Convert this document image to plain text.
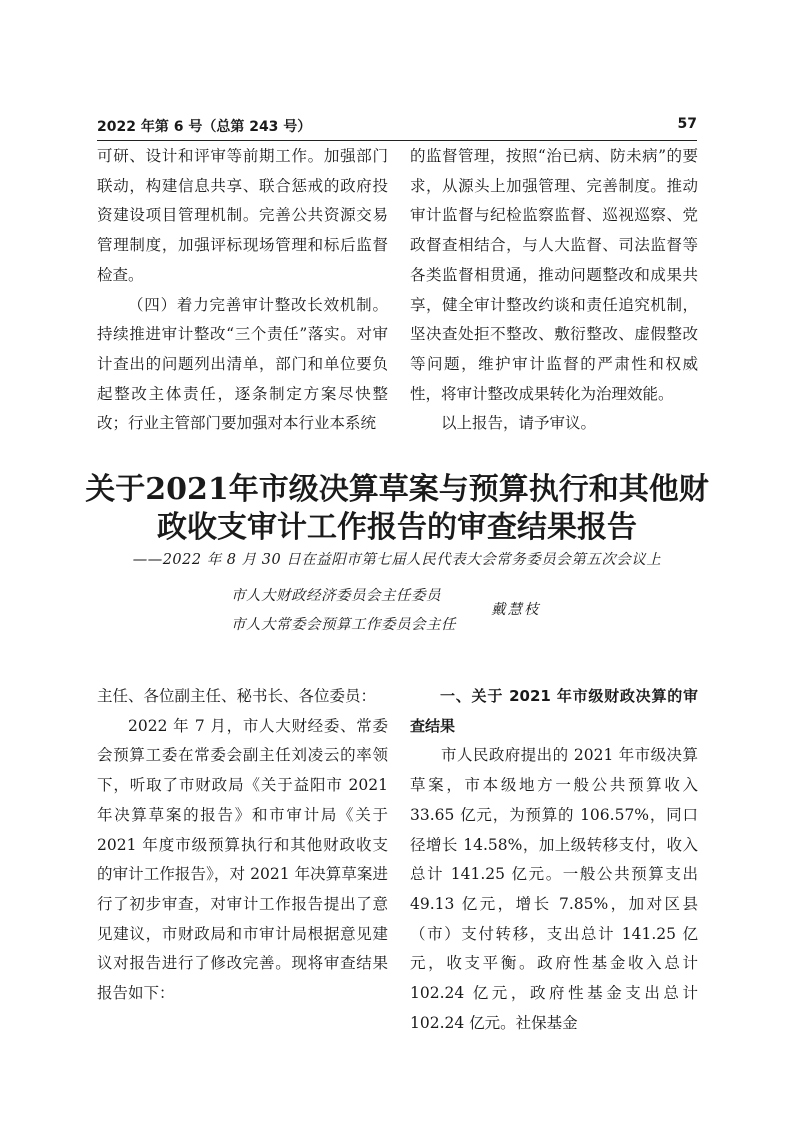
2022 年第 6 号（总第 243 号）	57

可研、设计和评审等前期工作。加强部门联动，构建信息共享、联合惩戒的政府投资建设项目管理机制。完善公共资源交易管理制度，加强评标现场管理和标后监督检查。

（四）着力完善审计整改长效机制。持续推进审计整改“三个责任”落实。对审计查出的问题列出清单，部门和单位要负起整改主体责任，逐条制定方案尽快整改；行业主管部门要加强对本行业本系统

的监督管理，按照“治已病、防未病”的要求，从源头上加强管理、完善制度。推动审计监督与纪检监察监督、巡视巡察、党政督查相结合，与人大监督、司法监督等各类监督相贯通，推动问题整改和成果共享，健全审计整改约谈和责任追究机制，坚决查处拒不整改、敷衍整改、虚假整改等问题，维护审计监督的严肃性和权威性，将审计整改成果转化为治理效能。

以上报告，请予审议。

关于2021年市级决算草案与预算执行和其他财
政收支审计工作报告的审查结果报告
——2022 年 8 月 30 日在益阳市第七届人民代表大会常务委员会第五次会议上
市人大财政经济委员会主任委员
市人大常委会预算工作委员会主任
戴慧枝

主任、各位副主任、秘书长、各位委员：

2022 年 7 月，市人大财经委、常委会预算工委在常委会副主任刘凌云的率领下，听取了市财政局《关于益阳市 2021 年决算草案的报告》和市审计局《关于 2021 年度市级预算执行和其他财政收支的审计工作报告》，对 2021 年决算草案进行了初步审查，对审计工作报告提出了意见建议，市财政局和市审计局根据意见建议对报告进行了修改完善。现将审查结果报告如下：

一、关于 2021 年市级财政决算的审查结果

市人民政府提出的 2021 年市级决算草案，市本级地方一般公共预算收入 33.65 亿元，为预算的 106.57%，同口径增长 14.58%，加上级转移支付，收入总计 141.25 亿元。一般公共预算支出 49.13 亿元，增长 7.85%，加对区县（市）支付转移，支出总计 141.25 亿元，收支平衡。政府性基金收入总计 102.24 亿元，政府性基金支出总计 102.24 亿元。社保基金
